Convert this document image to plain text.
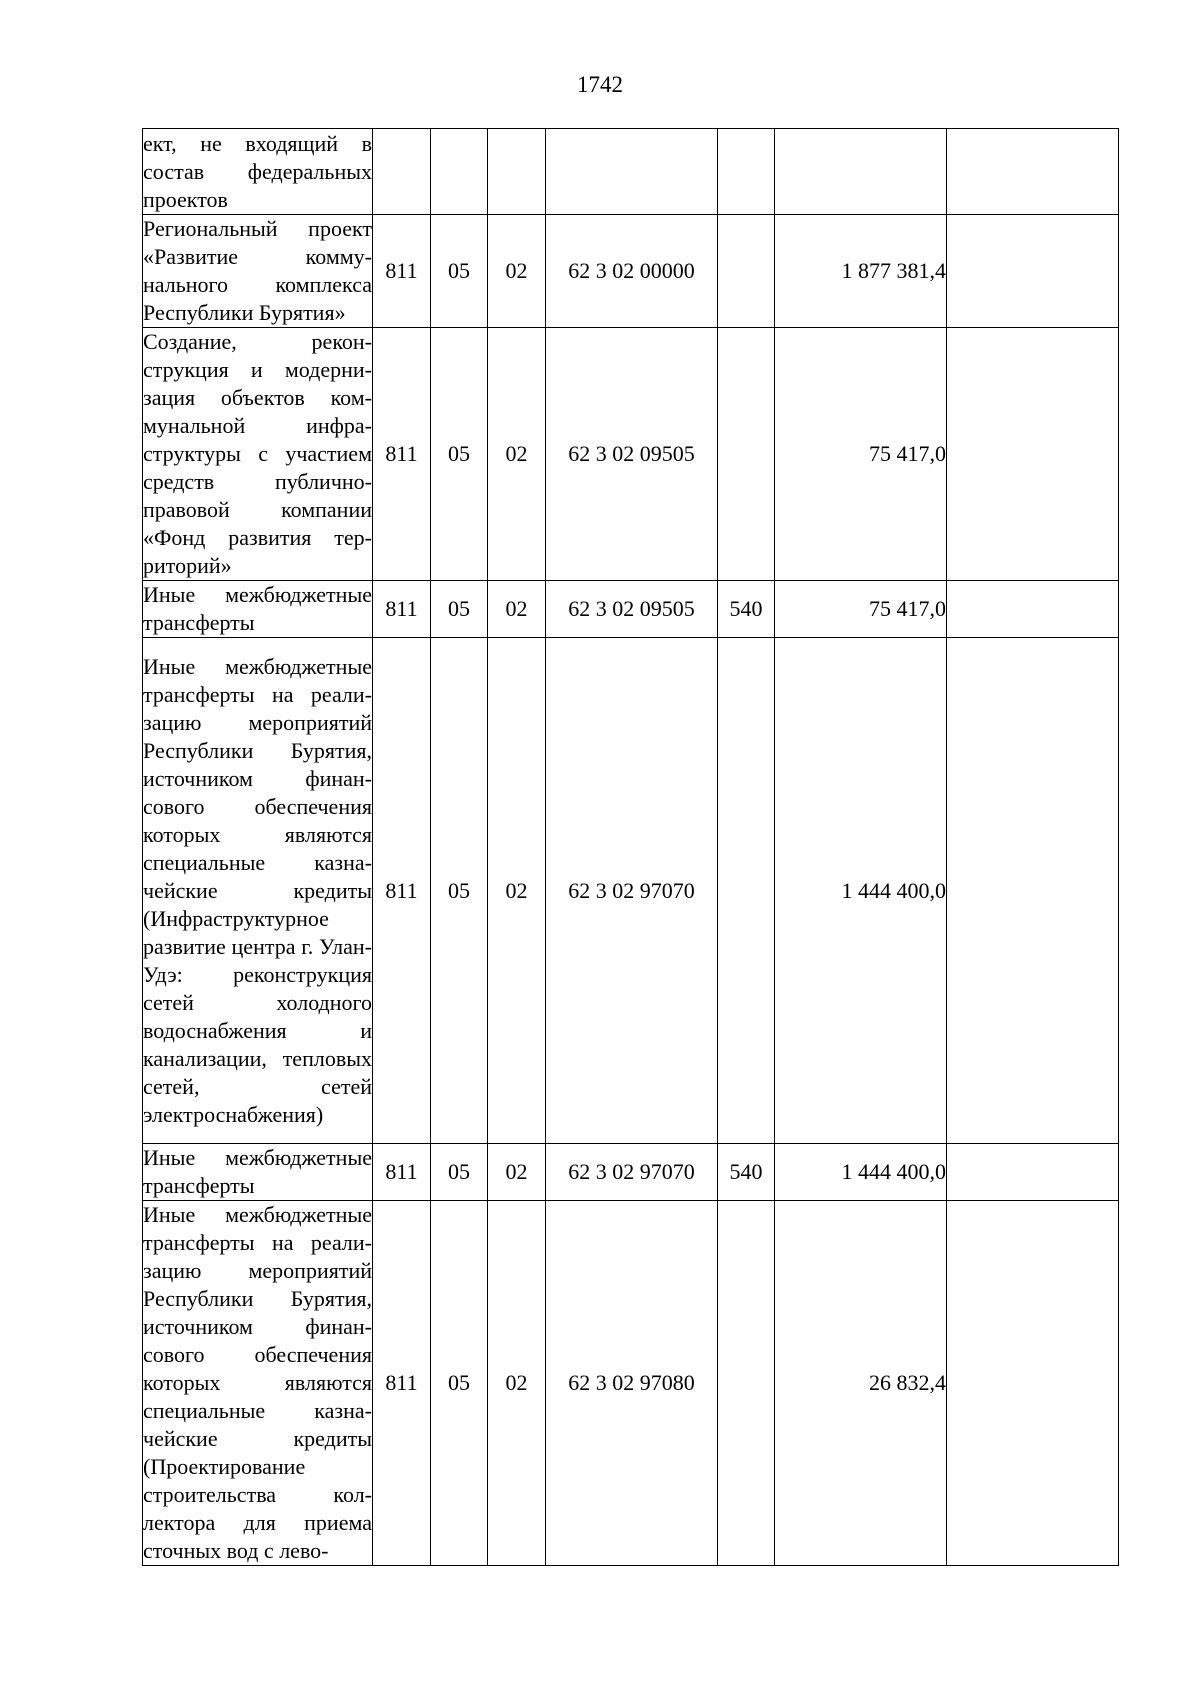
1742
ект, не входящий в состав федеральных проектов							
Региональный проект «Развитие коммунального комплекса Республики Бурятия»	811	05	02	62 3 02 00000		1 877 381,4	
Создание, реконструкция и модернизация объектов коммунальной инфраструктуры с участием средств публично-правовой компании «Фонд развития территорий»	811	05	02	62 3 02 09505		75 417,0	
Иные межбюджетные трансферты	811	05	02	62 3 02 09505	540	75 417,0	
Иные межбюджетные трансферты на реализацию мероприятий Республики Бурятия, источником финансового обеспечения которых являются специальные казначейские кредиты (Инфраструктурное развитие центра г. Улан-Удэ: реконструкция сетей холодного водоснабжения и канализации, тепловых сетей, сетей электроснабжения)	811	05	02	62 3 02 97070		1 444 400,0	
Иные межбюджетные трансферты	811	05	02	62 3 02 97070	540	1 444 400,0	
Иные межбюджетные трансферты на реализацию мероприятий Республики Бурятия, источником финансового обеспечения которых являются специальные казначейские кредиты (Проектирование строительства коллектора для приема сточных вод с лево-	811	05	02	62 3 02 97080		26 832,4	
